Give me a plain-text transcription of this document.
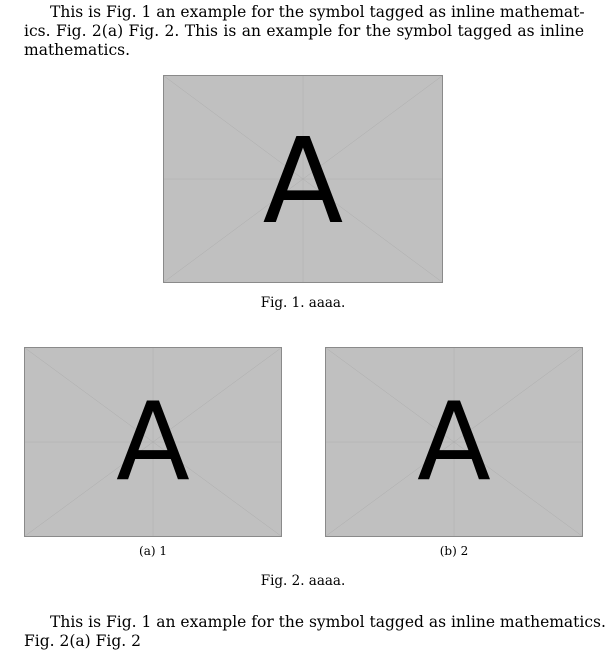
This is Fig. 1 an example for the symbol tagged as inline mathemat-
ics. Fig. 2(a) Fig. 2. This is an example for the symbol tagged as inline
mathematics.
A
Fig. 1. aaaa.
A
(a) 1
A
(b) 2
Fig. 2. aaaa.
This is Fig. 1 an example for the symbol tagged as inline mathematics.
Fig. 2(a) Fig. 2
